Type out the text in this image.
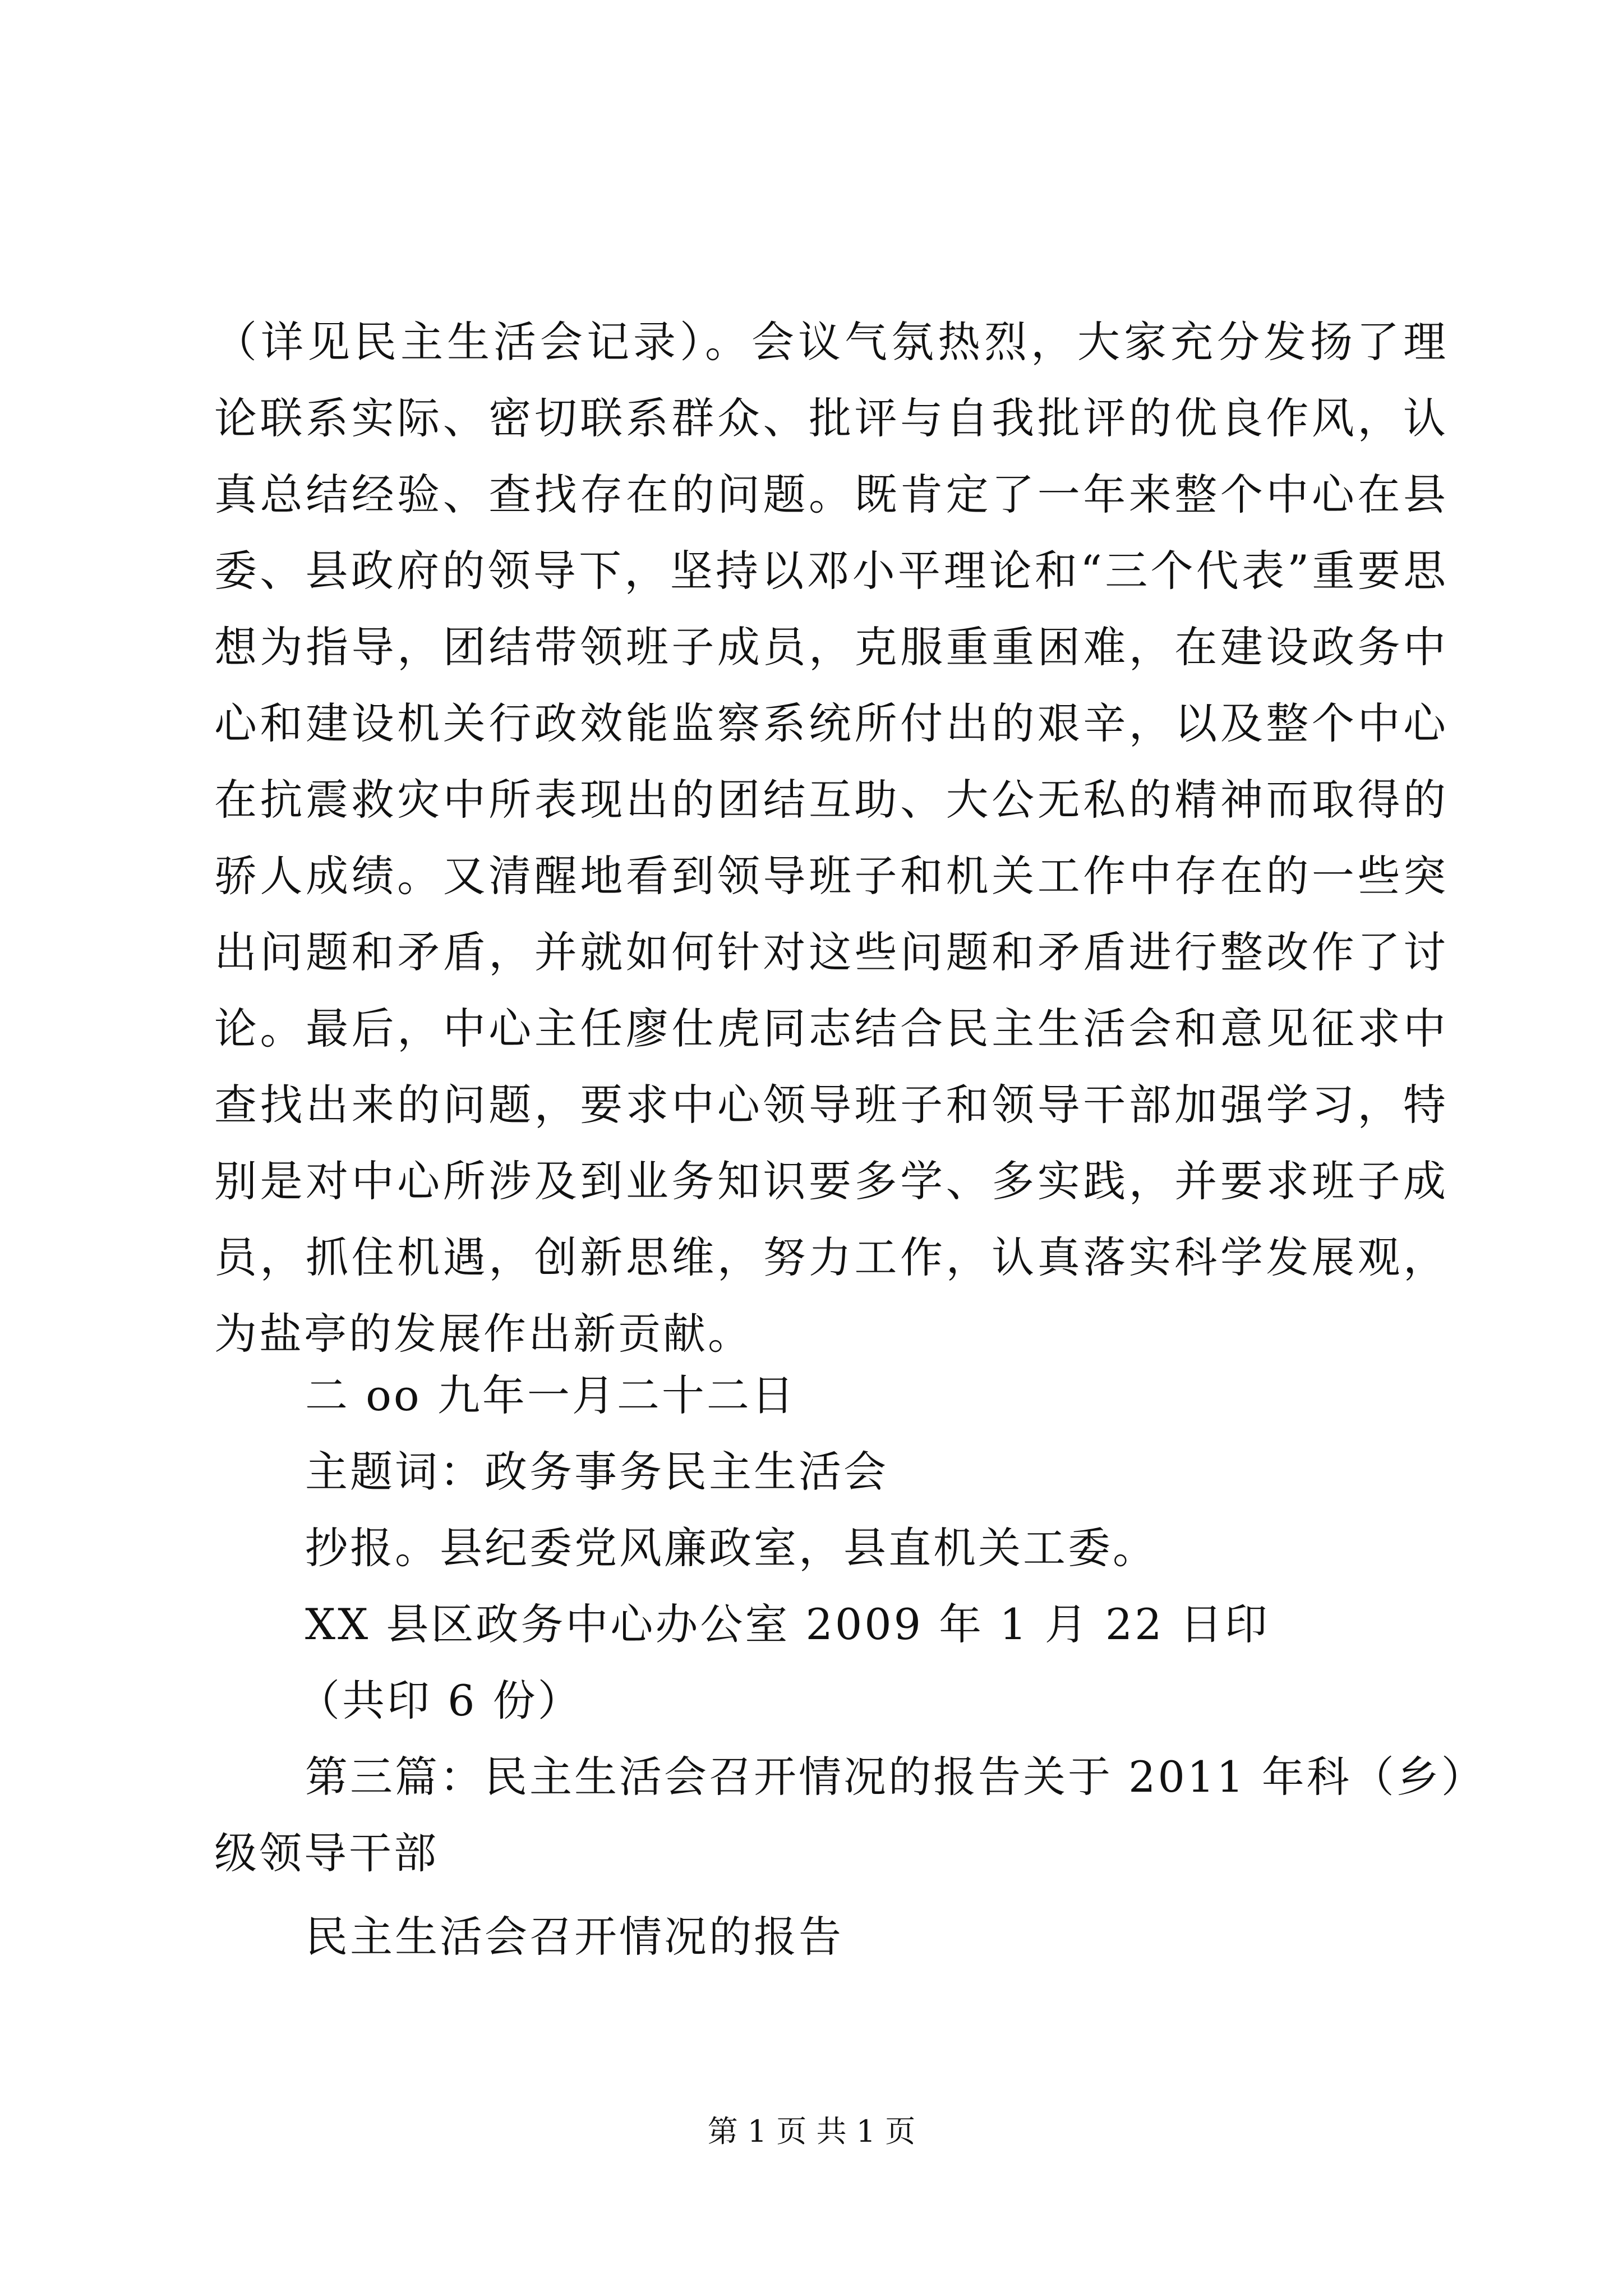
（详见民主生活会记录）。会议气氛热烈，大家充分发扬了理论联系实际、密切联系群众、批评与自我批评的优良作风，认真总结经验、查找存在的问题。既肯定了一年来整个中心在县委、县政府的领导下，坚持以邓小平理论和“三个代表”重要思想为指导，团结带领班子成员，克服重重困难，在建设政务中心和建设机关行政效能监察系统所付出的艰辛，以及整个中心在抗震救灾中所表现出的团结互助、大公无私的精神而取得的骄人成绩。又清醒地看到领导班子和机关工作中存在的一些突出问题和矛盾，并就如何针对这些问题和矛盾进行整改作了讨论。最后，中心主任廖仕虎同志结合民主生活会和意见征求中查找出来的问题，要求中心领导班子和领导干部加强学习，特别是对中心所涉及到业务知识要多学、多实践，并要求班子成员，抓住机遇，创新思维，努力工作，认真落实科学发展观，为盐亭的发展作出新贡献。

二 oo 九年一月二十二日

主题词：政务事务民主生活会

抄报。县纪委党风廉政室，县直机关工委。

XX 县区政务中心办公室 2009 年 1 月 22 日印

（共印 6 份）

第三篇：民主生活会召开情况的报告关于 2011 年科（乡）

级领导干部

民主生活会召开情况的报告

第 1 页 共 1 页
